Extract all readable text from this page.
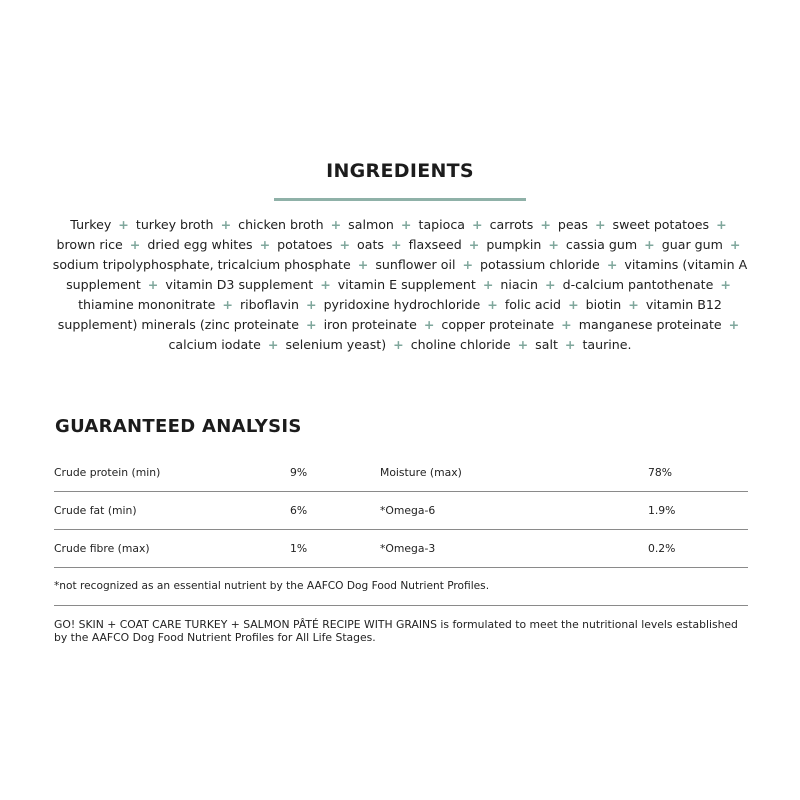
INGREDIENTS

Turkey + turkey broth + chicken broth + salmon + tapioca + carrots + peas + sweet potatoes + brown rice + dried egg whites + potatoes + oats + flaxseed + pumpkin + cassia gum + guar gum + sodium tripolyphosphate, tricalcium phosphate + sunflower oil + potassium chloride + vitamins (vitamin A supplement + vitamin D3 supplement + vitamin E supplement + niacin + d-calcium pantothenate + thiamine mononitrate + riboflavin + pyridoxine hydrochloride + folic acid + biotin + vitamin B12 supplement) minerals (zinc proteinate + iron proteinate + copper proteinate + manganese proteinate + calcium iodate + selenium yeast) + choline chloride + salt + taurine.

GUARANTEED ANALYSIS
Crude protein (min)	9%	Moisture (max)	78%
Crude fat (min)	6%	*Omega-6	1.9%
Crude fibre (max)	1%	*Omega-3	0.2%
*not recognized as an essential nutrient by the AAFCO Dog Food Nutrient Profiles.

GO! SKIN + COAT CARE TURKEY + SALMON PÂTÉ RECIPE WITH GRAINS is formulated to meet the nutritional levels established by the AAFCO Dog Food Nutrient Profiles for All Life Stages.
